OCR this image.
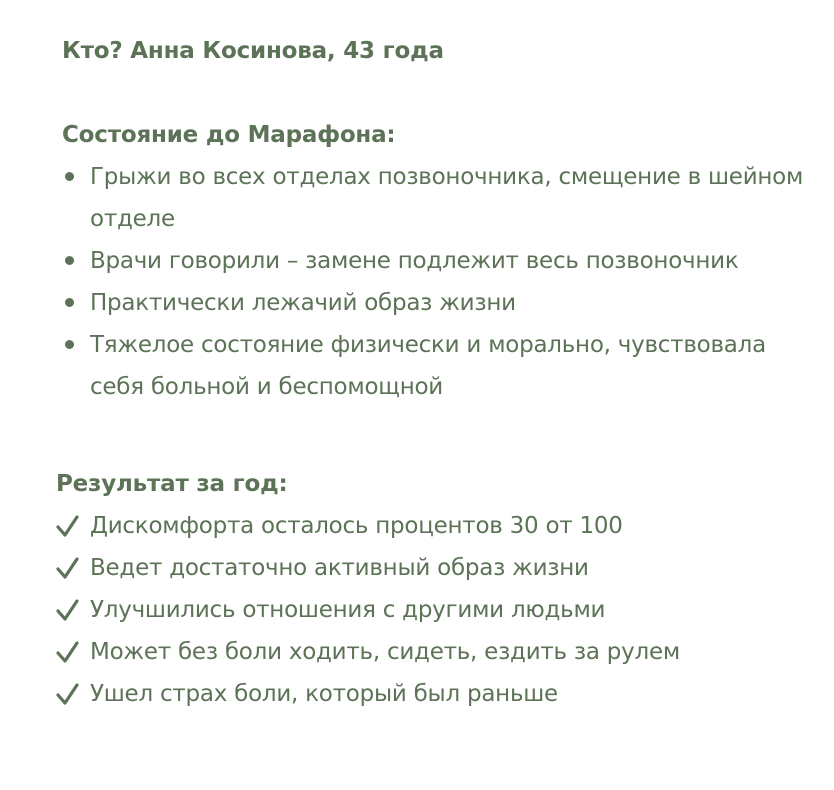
Кто? Анна Косинова, 43 года
Состояние до Марафона:
Грыжи во всех отделах позвоночника, смещение в шейном отделе
Врачи говорили – замене подлежит весь позвоночник
Практически лежачий образ жизни
Тяжелое состояние физически и морально, чувствовала себя больной и беспомощной
Результат за год:
Дискомфорта осталось процентов 30 от 100
Ведет достаточно активный образ жизни
Улучшились отношения с другими людьми
Может без боли ходить, сидеть, ездить за рулем
Ушел страх боли, который был раньше
